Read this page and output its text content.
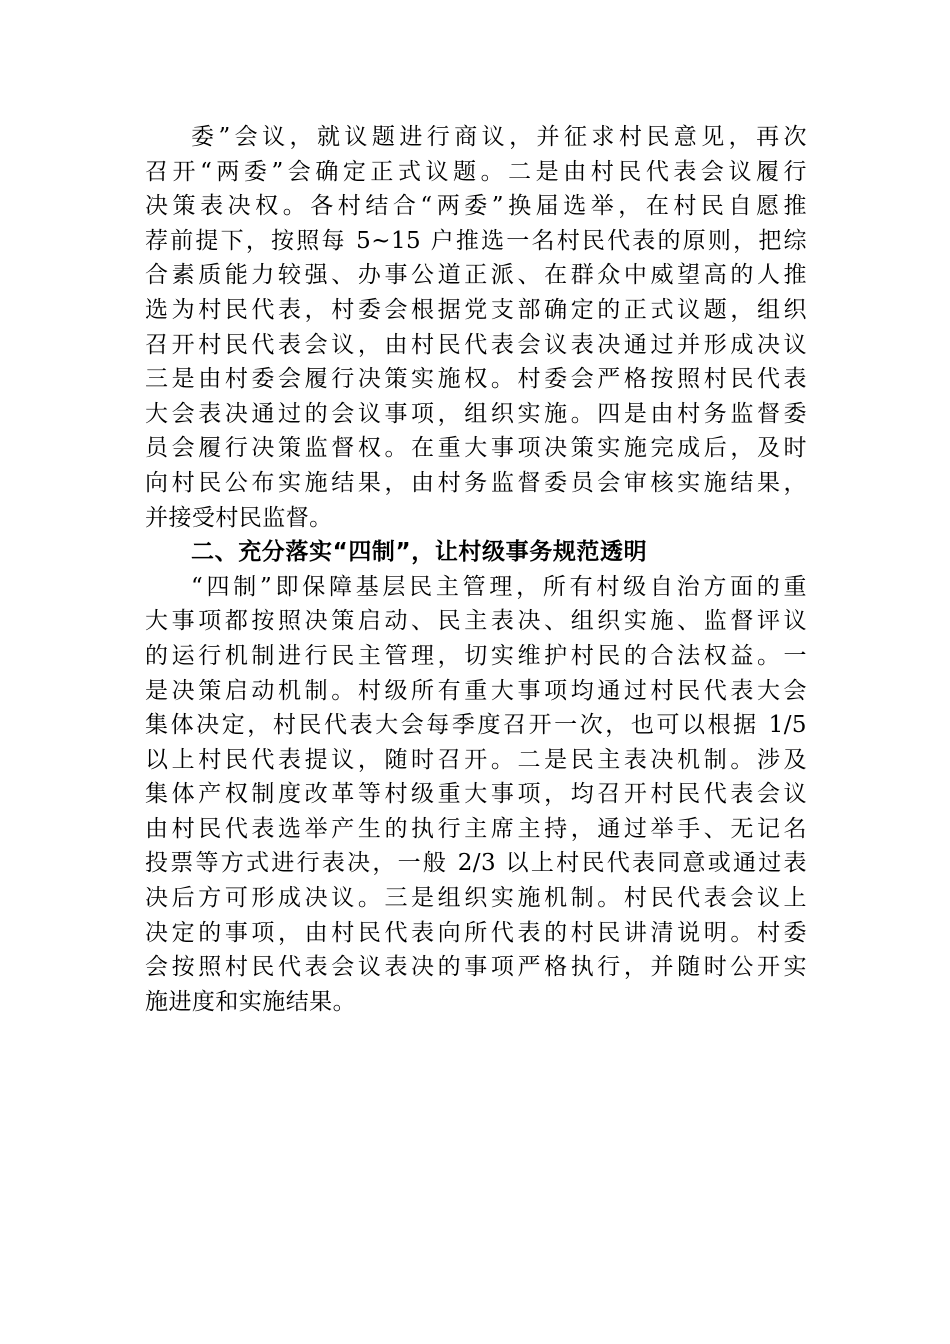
委”会议，就议题进行商议，并征求村民意见，再次
召开“两委”会确定正式议题。二是由村民代表会议履行
决策表决权。各村结合“两委”换届选举，在村民自愿推
荐前提下，按照每 5~15 户推选一名村民代表的原则，把综
合素质能力较强、办事公道正派、在群众中威望高的人推
选为村民代表，村委会根据党支部确定的正式议题，组织
召开村民代表会议，由村民代表会议表决通过并形成决议
三是由村委会履行决策实施权。村委会严格按照村民代表
大会表决通过的会议事项，组织实施。四是由村务监督委
员会履行决策监督权。在重大事项决策实施完成后，及时
向村民公布实施结果，由村务监督委员会审核实施结果，
并接受村民监督。
二、充分落实“四制”，让村级事务规范透明
“四制”即保障基层民主管理，所有村级自治方面的重
大事项都按照决策启动、民主表决、组织实施、监督评议
的运行机制进行民主管理，切实维护村民的合法权益。一
是决策启动机制。村级所有重大事项均通过村民代表大会
集体决定，村民代表大会每季度召开一次，也可以根据 1/5
以上村民代表提议，随时召开。二是民主表决机制。涉及
集体产权制度改革等村级重大事项，均召开村民代表会议
由村民代表选举产生的执行主席主持，通过举手、无记名
投票等方式进行表决，一般 2/3 以上村民代表同意或通过表
决后方可形成决议。三是组织实施机制。村民代表会议上
决定的事项，由村民代表向所代表的村民讲清说明。村委
会按照村民代表会议表决的事项严格执行，并随时公开实
施进度和实施结果。
